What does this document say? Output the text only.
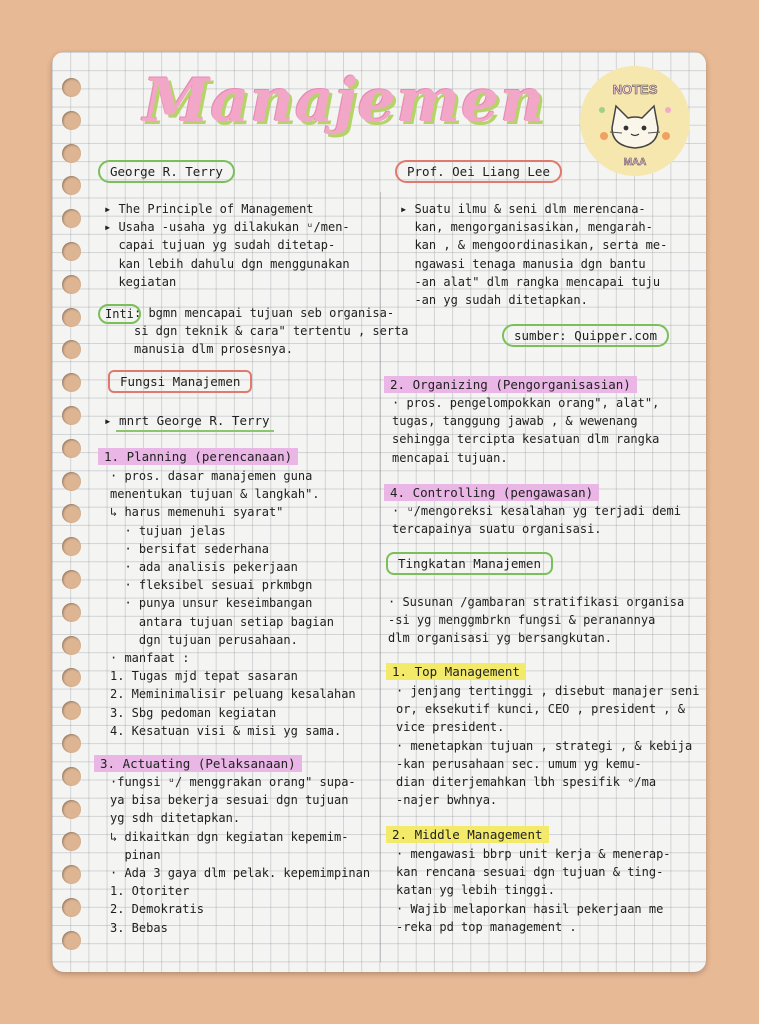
Manajemen	NOTES
MAA
George R. Terry
▸ The Principle of Management
▸ Usaha -usaha yg dilakukan ᵘ/men-
capai tujuan yg sudah ditetap-
kan lebih dahulu dgn menggunakan
kegiatan
Inti : bgmn mencapai tujuan seb organisa-
si dgn teknik & cara" tertentu , serta
manusia dlm prosesnya.
Fungsi Manajemen
▸ mnrt George R. Terry
1. Planning (perencanaan)
· pros. dasar manajemen guna
menentukan tujuan & langkah".
↳ harus memenuhi syarat"
· tujuan jelas
· bersifat sederhana
· ada analisis pekerjaan
· fleksibel sesuai prkmbgn
· punya unsur keseimbangan
antara tujuan setiap bagian
dgn tujuan perusahaan.
· manfaat :
1. Tugas mjd tepat sasaran
2. Meminimalisir peluang kesalahan
3. Sbg pedoman kegiatan
4. Kesatuan visi & misi yg sama.
3. Actuating (Pelaksanaan)
·fungsi ᵘ/ menggrakan orang" supa-
ya bisa bekerja sesuai dgn tujuan
yg sdh ditetapkan.
↳ dikaitkan dgn kegiatan kepemim-
pinan
· Ada 3 gaya dlm pelak. kepemimpinan
1. Otoriter
2. Demokratis
3. Bebas
Prof. Oei Liang Lee
▸ Suatu ilmu & seni dlm merencana-
kan, mengorganisasikan, mengarah-
kan , & mengoordinasikan, serta me-
ngawasi tenaga manusia dgn bantu
-an alat" dlm rangka mencapai tuju
-an yg sudah ditetapkan.
sumber: Quipper.com
2. Organizing (Pengorganisasian)
· pros. pengelompokkan orang", alat",
tugas, tanggung jawab , & wewenang
sehingga tercipta kesatuan dlm rangka
mencapai tujuan.
4. Controlling (pengawasan)
· ᵘ/mengoreksi kesalahan yg terjadi demi
tercapainya suatu organisasi.
Tingkatan Manajemen
· Susunan /gambaran stratifikasi organisa
-si yg menggmbrkn fungsi & peranannya
dlm organisasi yg bersangkutan.
1. Top Management
· jenjang tertinggi , disebut manajer seni
or, eksekutif kunci, CEO , president , &
vice president.
· menetapkan tujuan , strategi , & kebija
-kan perusahaan sec. umum yg kemu-
dian diterjemahkan lbh spesifik ᵒ/ma
-najer bwhnya.
2. Middle Management
· mengawasi bbrp unit kerja & menerap-
kan rencana sesuai dgn tujuan & ting-
katan yg lebih tinggi.
· Wajib melaporkan hasil pekerjaan me
-reka pd top management .
